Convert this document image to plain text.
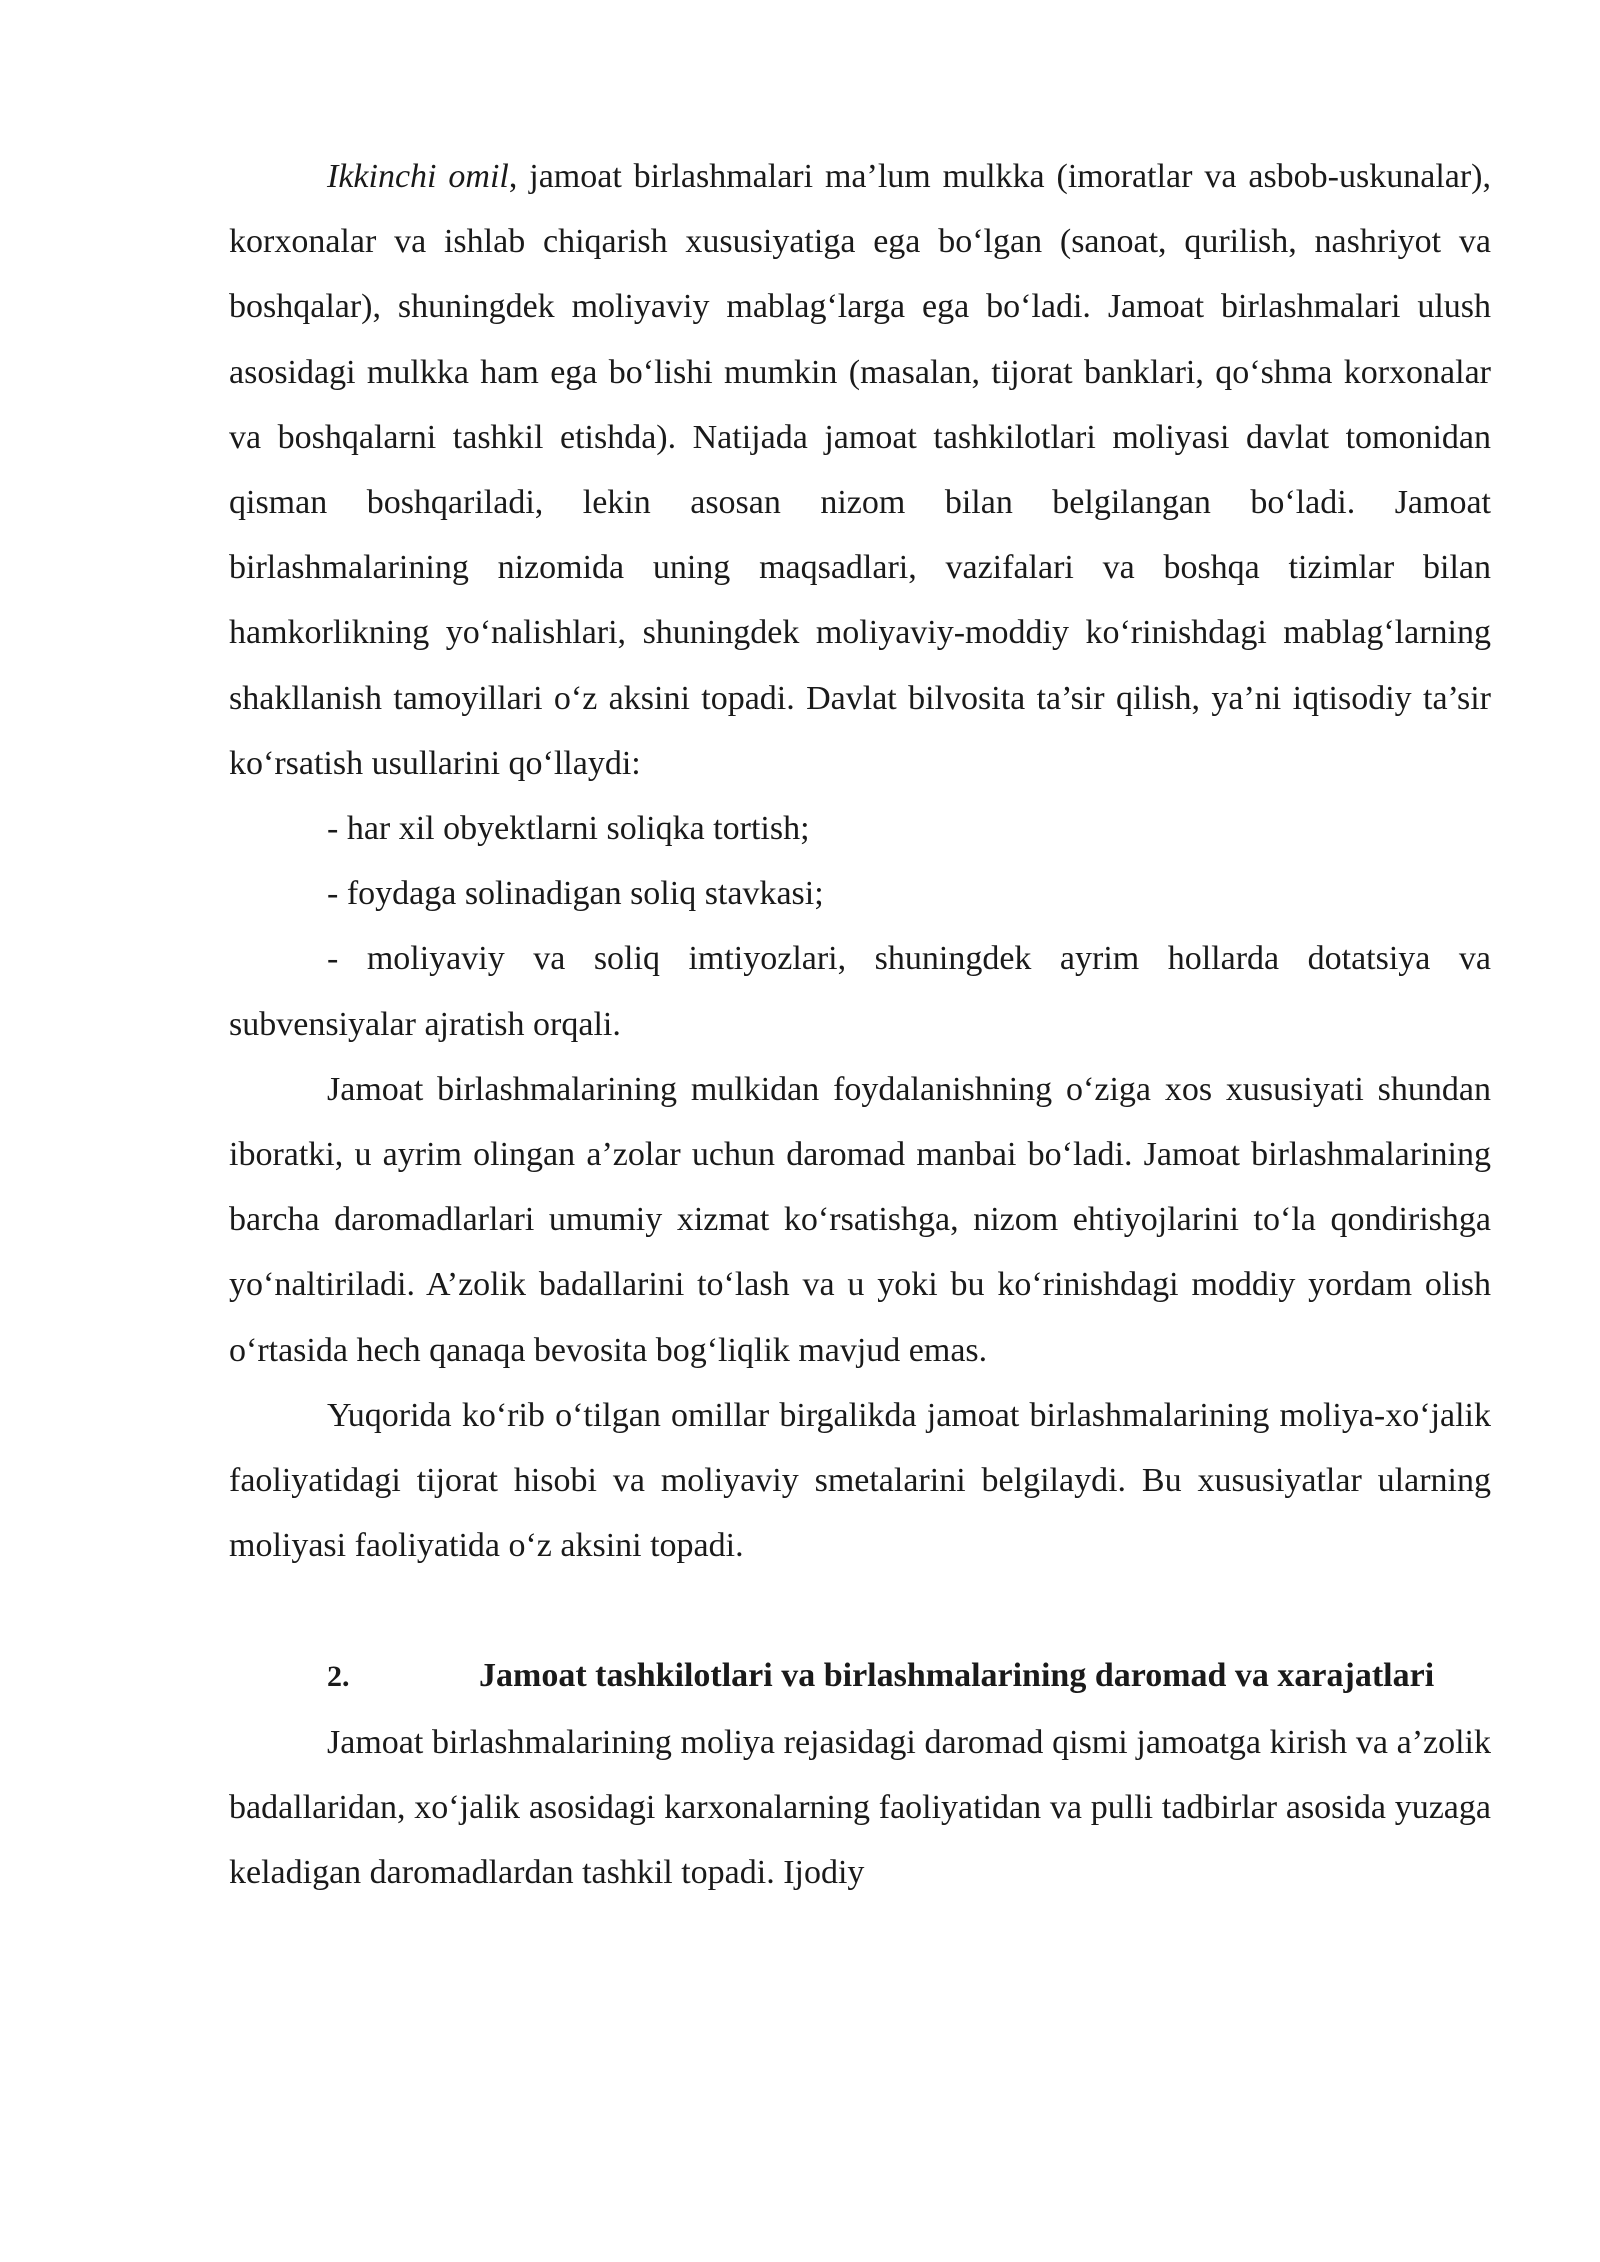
Ikkinchi omil, jamoat birlashmalari ma’lum mulkka (imoratlar va asbob-uskunalar), korxonalar va ishlab chiqarish xususiyatiga ega bo‘lgan (sanoat, qurilish, nashriyot va boshqalar), shuningdek moliyaviy mablag‘larga ega bo‘ladi. Jamoat birlashmalari ulush asosidagi mulkka ham ega bo‘lishi mumkin (masalan, tijorat banklari, qo‘shma korxonalar va boshqalarni tashkil etishda). Natijada jamoat tashkilotlari moliyasi davlat tomonidan qisman boshqariladi, lekin asosan nizom bilan belgilangan bo‘ladi. Jamoat birlashmalarining nizomida uning maqsadlari, vazifalari va boshqa tizimlar bilan hamkorlikning yo‘nalishlari, shuningdek moliyaviy-moddiy ko‘rinishdagi mablag‘larning shakllanish tamoyillari o‘z aksini topadi. Davlat bilvosita ta’sir qilish, ya’ni iqtisodiy ta’sir ko‘rsatish usullarini qo‘llaydi:

- har xil obyektlarni soliqka tortish;

- foydaga solinadigan soliq stavkasi;

- moliyaviy va soliq imtiyozlari, shuningdek ayrim hollarda dotatsiya va subvensiyalar ajratish orqali.

Jamoat birlashmalarining mulkidan foydalanishning o‘ziga xos xususiyati shundan iboratki, u ayrim olingan a’zolar uchun daromad manbai bo‘ladi. Jamoat birlashmalarining barcha daromadlarlari umumiy xizmat ko‘rsatishga, nizom ehtiyojlarini to‘la qondirishga yo‘naltiriladi. A’zolik badallarini to‘lash va u yoki bu ko‘rinishdagi moddiy yordam olish o‘rtasida hech qanaqa bevosita bog‘liqlik mavjud emas.

Yuqorida ko‘rib o‘tilgan omillar birgalikda jamoat birlashmalarining moliya-xo‘jalik faoliyatidagi tijorat hisobi va moliyaviy smetalarini belgilaydi. Bu xususiyatlar ularning moliyasi faoliyatida o‘z aksini topadi.

2.	Jamoat tashkilotlari va birlashmalarining daromad va xarajatlari

Jamoat birlashmalarining moliya rejasidagi daromad qismi jamoatga kirish va a’zolik badallaridan, xo‘jalik asosidagi karxonalarning faoliyatidan va pulli tadbirlar asosida yuzaga keladigan daromadlardan tashkil topadi. Ijodiy
